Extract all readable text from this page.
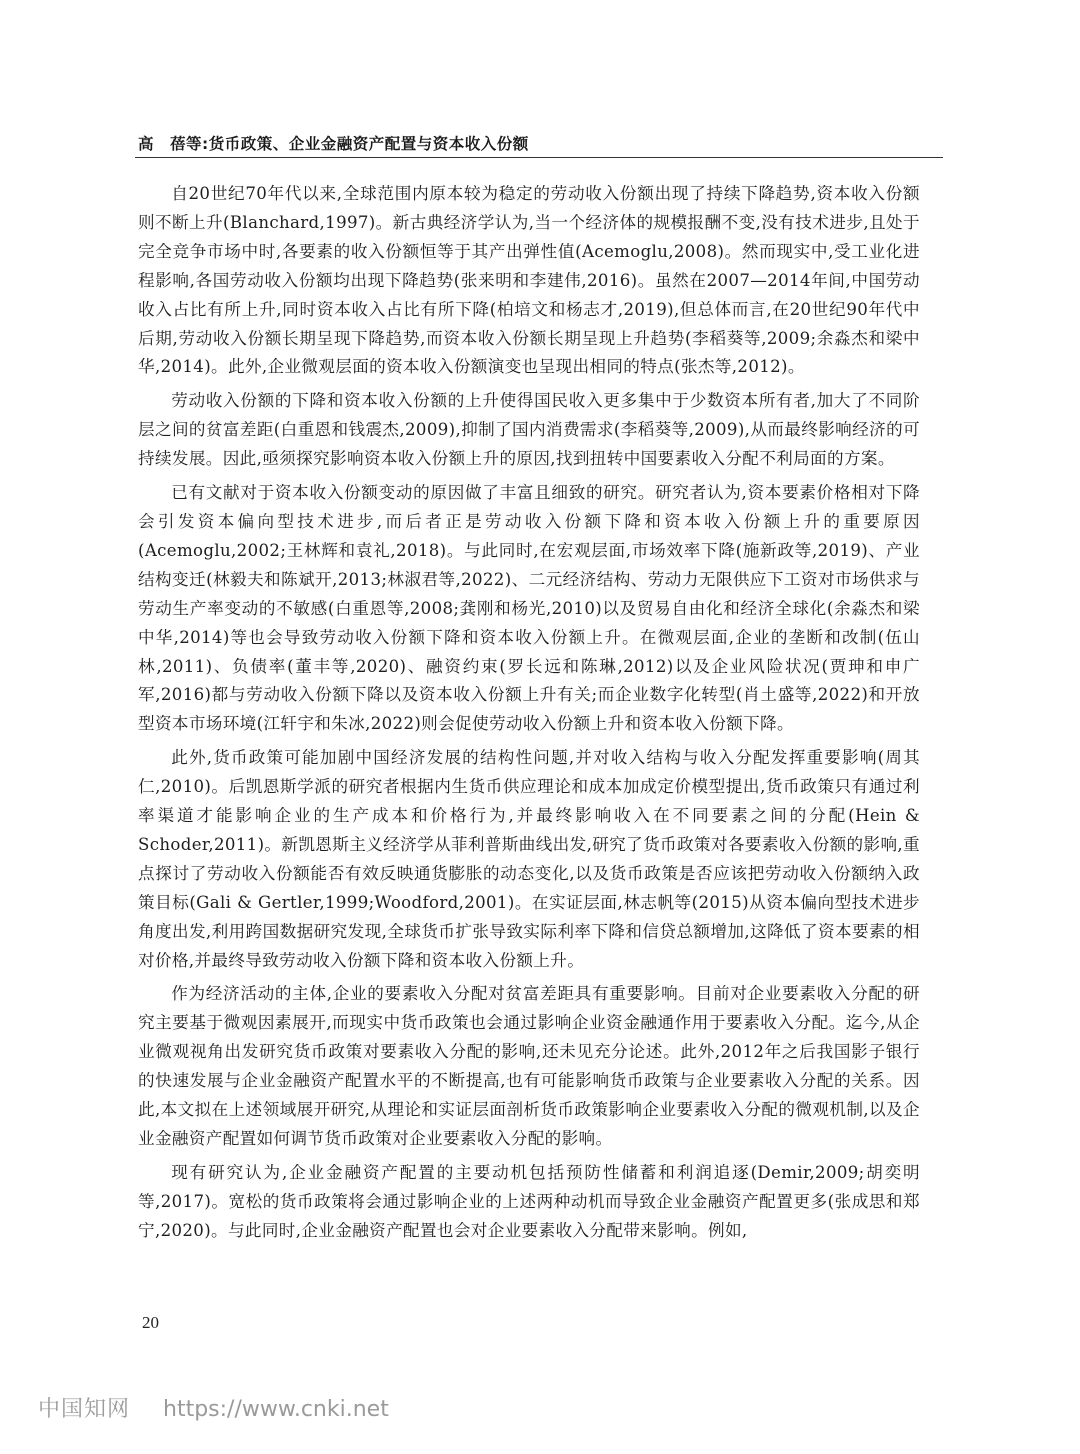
高　蓓等:货币政策、企业金融资产配置与资本收入份额

自20世纪70年代以来,全球范围内原本较为稳定的劳动收入份额出现了持续下降趋势,资本收入份额则不断上升(Blanchard,1997)。新古典经济学认为,当一个经济体的规模报酬不变,没有技术进步,且处于完全竞争市场中时,各要素的收入份额恒等于其产出弹性值(Acemoglu,2008)。然而现实中,受工业化进程影响,各国劳动收入份额均出现下降趋势(张来明和李建伟,2016)。虽然在2007—2014年间,中国劳动收入占比有所上升,同时资本收入占比有所下降(柏培文和杨志才,2019),但总体而言,在20世纪90年代中后期,劳动收入份额长期呈现下降趋势,而资本收入份额长期呈现上升趋势(李稻葵等,2009;余淼杰和梁中华,2014)。此外,企业微观层面的资本收入份额演变也呈现出相同的特点(张杰等,2012)。

劳动收入份额的下降和资本收入份额的上升使得国民收入更多集中于少数资本所有者,加大了不同阶层之间的贫富差距(白重恩和钱震杰,2009),抑制了国内消费需求(李稻葵等,2009),从而最终影响经济的可持续发展。因此,亟须探究影响资本收入份额上升的原因,找到扭转中国要素收入分配不利局面的方案。

已有文献对于资本收入份额变动的原因做了丰富且细致的研究。研究者认为,资本要素价格相对下降会引发资本偏向型技术进步,而后者正是劳动收入份额下降和资本收入份额上升的重要原因(Acemoglu,2002;王林辉和袁礼,2018)。与此同时,在宏观层面,市场效率下降(施新政等,2019)、产业结构变迁(林毅夫和陈斌开,2013;林淑君等,2022)、二元经济结构、劳动力无限供应下工资对市场供求与劳动生产率变动的不敏感(白重恩等,2008;龚刚和杨光,2010)以及贸易自由化和经济全球化(余淼杰和梁中华,2014)等也会导致劳动收入份额下降和资本收入份额上升。在微观层面,企业的垄断和改制(伍山林,2011)、负债率(董丰等,2020)、融资约束(罗长远和陈琳,2012)以及企业风险状况(贾珅和申广军,2016)都与劳动收入份额下降以及资本收入份额上升有关;而企业数字化转型(肖土盛等,2022)和开放型资本市场环境(江轩宇和朱冰,2022)则会促使劳动收入份额上升和资本收入份额下降。

此外,货币政策可能加剧中国经济发展的结构性问题,并对收入结构与收入分配发挥重要影响(周其仁,2010)。后凯恩斯学派的研究者根据内生货币供应理论和成本加成定价模型提出,货币政策只有通过利率渠道才能影响企业的生产成本和价格行为,并最终影响收入在不同要素之间的分配(Hein & Schoder,2011)。新凯恩斯主义经济学从菲利普斯曲线出发,研究了货币政策对各要素收入份额的影响,重点探讨了劳动收入份额能否有效反映通货膨胀的动态变化,以及货币政策是否应该把劳动收入份额纳入政策目标(Gali & Gertler,1999;Woodford,2001)。在实证层面,林志帆等(2015)从资本偏向型技术进步角度出发,利用跨国数据研究发现,全球货币扩张导致实际利率下降和信贷总额增加,这降低了资本要素的相对价格,并最终导致劳动收入份额下降和资本收入份额上升。

作为经济活动的主体,企业的要素收入分配对贫富差距具有重要影响。目前对企业要素收入分配的研究主要基于微观因素展开,而现实中货币政策也会通过影响企业资金融通作用于要素收入分配。迄今,从企业微观视角出发研究货币政策对要素收入分配的影响,还未见充分论述。此外,2012年之后我国影子银行的快速发展与企业金融资产配置水平的不断提高,也有可能影响货币政策与企业要素收入分配的关系。因此,本文拟在上述领域展开研究,从理论和实证层面剖析货币政策影响企业要素收入分配的微观机制,以及企业金融资产配置如何调节货币政策对企业要素收入分配的影响。

现有研究认为,企业金融资产配置的主要动机包括预防性储蓄和利润追逐(Demir,2009;胡奕明等,2017)。宽松的货币政策将会通过影响企业的上述两种动机而导致企业金融资产配置更多(张成思和郑宁,2020)。与此同时,企业金融资产配置也会对企业要素收入分配带来影响。例如,

20
中国知网 https://www.cnki.net
